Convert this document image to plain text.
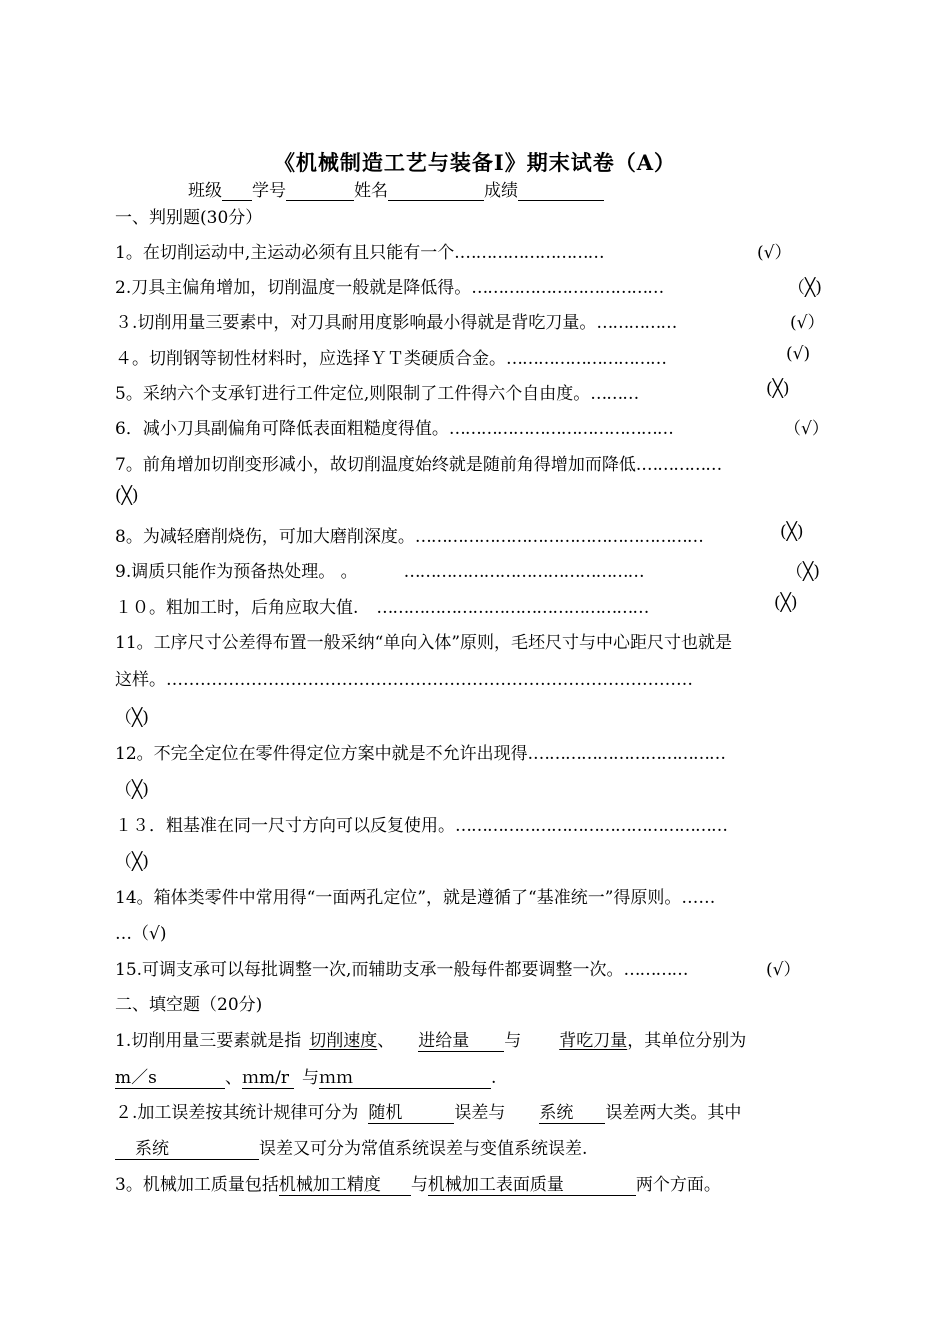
《机械制造工艺与装备Ⅰ》期末试卷（A）
班级 学号	姓名	成绩
一、判别题(30分）
1。在切削运动中,主运动必须有且只能有一个.………………………	(√）
2.刀具主偏角增加，切削温度一般就是降低得。………………………………	（╳)
３.切削用量三要素中，对刀具耐用度影响最小得就是背吃刀量。……………	(√）
４。切削钢等韧性材料时，应选择ＹＴ类硬质合金。…………………………	(√)
5。采纳六个支承钉进行工件定位,则限制了工件得六个自由度。………	(╳)
6．减小刀具副偏角可降低表面粗糙度得值。……………………………………	（√）
7。前角增加切削变形减小，故切削温度始终就是随前角得增加而降低.……………
(╳)
8。为减轻磨削烧伤，可加大磨削深度。………………………………………………	(╳)
9.调质只能作为预备热处理。 。	………………………………………	（╳)
１０。粗加工时，后角应取大值. ……………………………………………	(╳)
11。工序尺寸公差得布置一般采纳“单向入体”原则，毛坯尺寸与中心距尺寸也就是
这样。…………………………………………………………………………………
（╳)
12。不完全定位在零件得定位方案中就是不允许出现得.………………………………
（╳)
１３．粗基准在同一尺寸方向可以反复使用。……………………………………………
（╳)
14。箱体类零件中常用得“一面两孔定位”，就是遵循了“基准统一”得原则。……
…（√)
15.可调支承可以每批调整一次,而辅助支承一般每件都要调整一次。…………	(√）
二、填空题（20分)
1.切削用量三要素就是指 切削速度、 进给量 与 背吃刀量，其单位分别为
m／s	、ｍm/r 与ｍｍ	.
２.加工误差按其统计规律可分为 随机	误差与 系统 误差两大类。其中
系统	误差又可分为常值系统误差与变值系统误差.
3。机械加工质量包括机械加工精度 与机械加工表面质量	两个方面。
